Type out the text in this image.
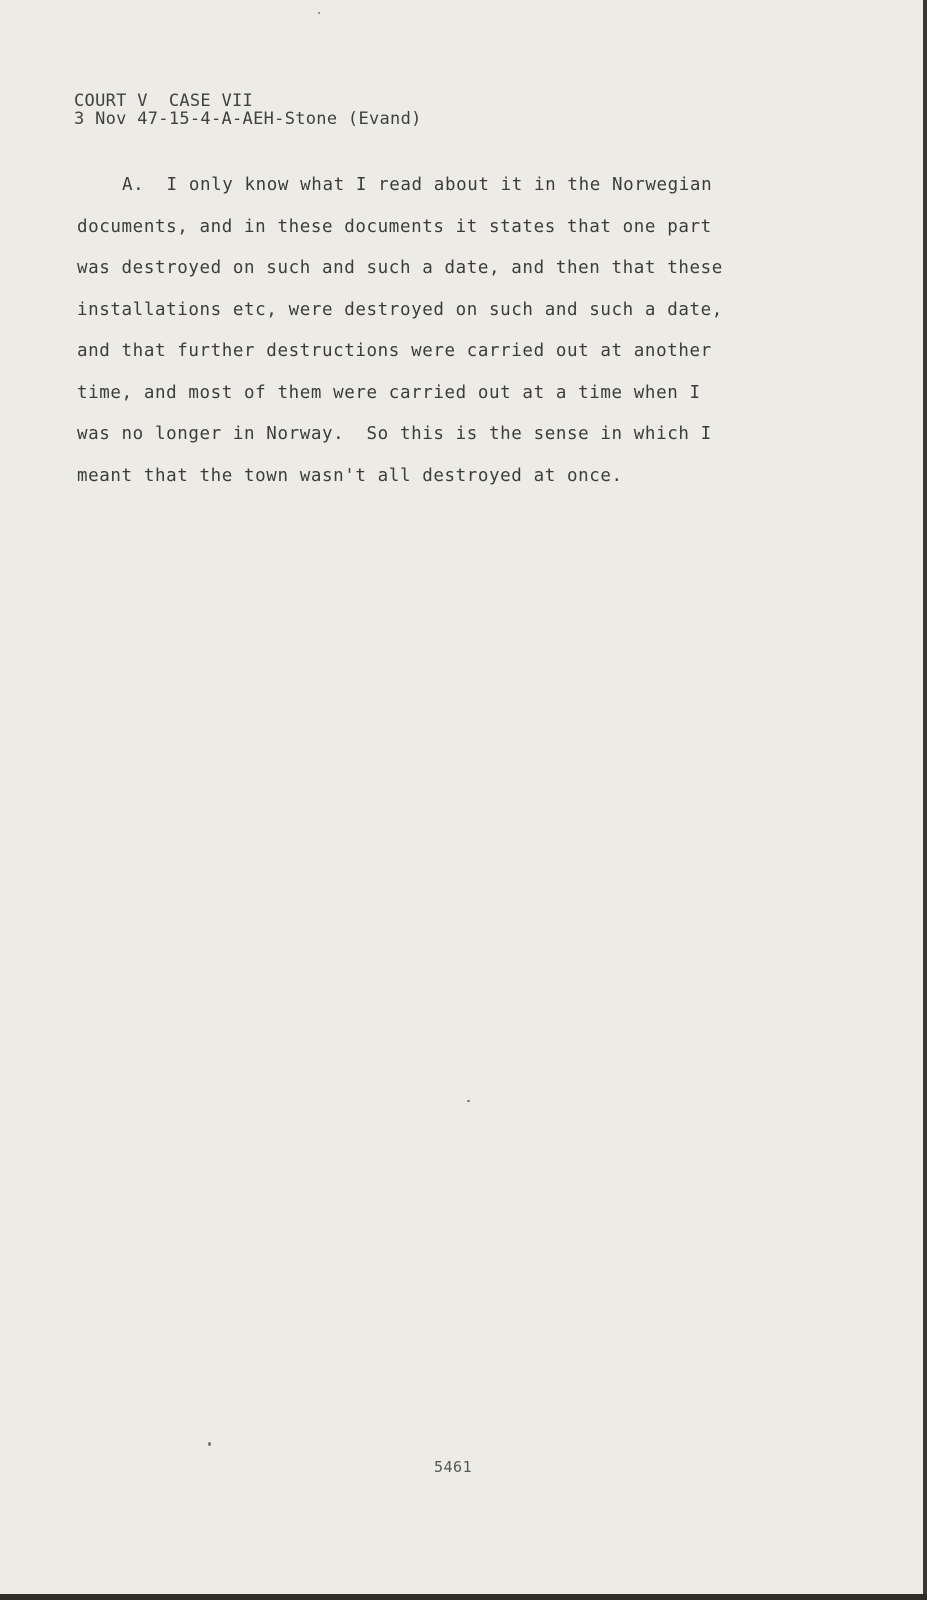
COURT V  CASE VII
3 Nov 47-15-4-A-AEH-Stone (Evand)
A.  I only know what I read about it in the Norwegian
documents, and in these documents it states that one part
was destroyed on such and such a date, and then that these
installations etc, were destroyed on such and such a date,
and that further destructions were carried out at another
time, and most of them were carried out at a time when I
was no longer in Norway.  So this is the sense in which I
meant that the town wasn't all destroyed at once.
5461
